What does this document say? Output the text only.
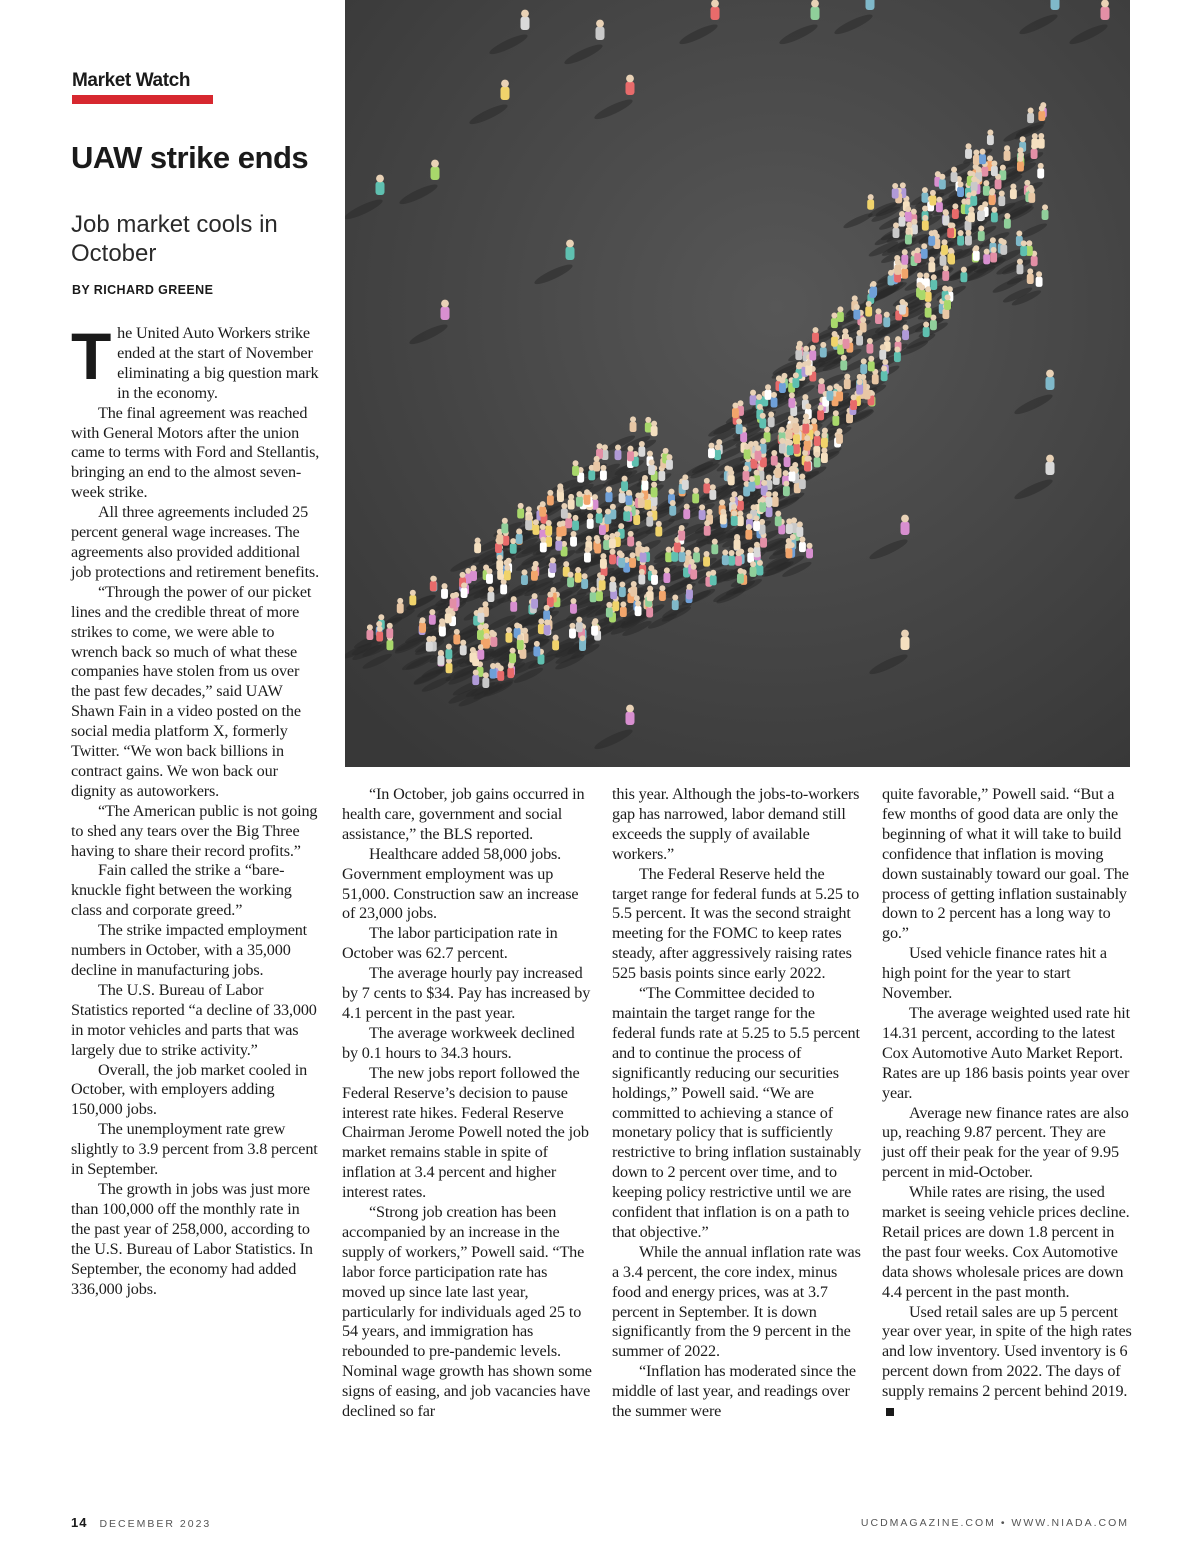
Market Watch
UAW strike ends
Job market cools in October
BY RICHARD GREENE

The United Auto Workers strike ended at the start of November eliminating a big question mark in the economy.

The final agreement was reached with General Motors after the union came to terms with Ford and Stellantis, bringing an end to the almost seven-week strike.

All three agreements included 25 percent general wage increases. The agreements also provided additional job protections and retirement benefits.

“Through the power of our picket lines and the credible threat of more strikes to come, we were able to wrench back so much of what these companies have stolen from us over the past few decades,” said UAW Shawn Fain in a video posted on the social media platform X, formerly Twitter. “We won back billions in contract gains. We won back our dignity as autoworkers.

“The American public is not going to shed any tears over the Big Three having to share their record profits.”

Fain called the strike a “bare-knuckle fight between the working class and corporate greed.”

The strike impacted employment numbers in October, with a 35,000 decline in manufacturing jobs.

The U.S. Bureau of Labor Statistics reported “a decline of 33,000 in motor vehicles and parts that was largely due to strike activity.”

Overall, the job market cooled in October, with employers adding 150,000 jobs.

The unemployment rate grew slightly to 3.9 percent from 3.8 percent in September.

The growth in jobs was just more than 100,000 off the monthly rate in the past year of 258,000, according to the U.S. Bureau of Labor Statistics. In September, the economy had added 336,000 jobs.

“In October, job gains occurred in health care, government and social assistance,” the BLS reported.

Healthcare added 58,000 jobs. Government employment was up 51,000. Construction saw an increase of 23,000 jobs.

The labor participation rate in October was 62.7 percent.

The average hourly pay increased by 7 cents to $34. Pay has increased by 4.1 percent in the past year.

The average workweek declined by 0.1 hours to 34.3 hours.

The new jobs report followed the Federal Reserve’s decision to pause interest rate hikes. Federal Reserve Chairman Jerome Powell noted the job market remains stable in spite of inflation at 3.4 percent and higher interest rates.

“Strong job creation has been accompanied by an increase in the supply of workers,” Powell said. “The labor force participation rate has moved up since late last year, particularly for individuals aged 25 to 54 years, and immigration has rebounded to pre-pandemic levels. Nominal wage growth has shown some signs of easing, and job vacancies have declined so far

this year. Although the jobs-to-workers gap has narrowed, labor demand still exceeds the supply of available workers.”

The Federal Reserve held the target range for federal funds at 5.25 to 5.5 percent. It was the second straight meeting for the FOMC to keep rates steady, after aggressively raising rates 525 basis points since early 2022.

“The Committee decided to maintain the target range for the federal funds rate at 5.25 to 5.5 percent and to continue the process of significantly reducing our securities holdings,” Powell said. “We are committed to achieving a stance of monetary policy that is sufficiently restrictive to bring inflation sustainably down to 2 percent over time, and to keeping policy restrictive until we are confident that inflation is on a path to that objective.”

While the annual inflation rate was a 3.4 percent, the core index, minus food and energy prices, was at 3.7 percent in September. It is down significantly from the 9 percent in the summer of 2022.

“Inflation has moderated since the middle of last year, and readings over the summer were

quite favorable,” Powell said. “But a few months of good data are only the beginning of what it will take to build confidence that inflation is moving down sustainably toward our goal. The process of getting inflation sustainably down to 2 percent has a long way to go.”

Used vehicle finance rates hit a high point for the year to start November.

The average weighted used rate hit 14.31 percent, according to the latest Cox Automotive Auto Market Report. Rates are up 186 basis points year over year.

Average new finance rates are also up, reaching 9.87 percent. They are just off their peak for the year of 9.95 percent in mid-October.

While rates are rising, the used market is seeing vehicle prices decline. Retail prices are down 1.8 percent in the past four weeks. Cox Automotive data shows wholesale prices are down 4.4 percent in the past month.

Used retail sales are up 5 percent year over year, in spite of the high rates and low inventory. Used inventory is 6 percent down from 2022. The days of supply remains 2 percent behind 2019.

14 DECEMBER 2023	UCDMAGAZINE.COM • WWW.NIADA.COM
